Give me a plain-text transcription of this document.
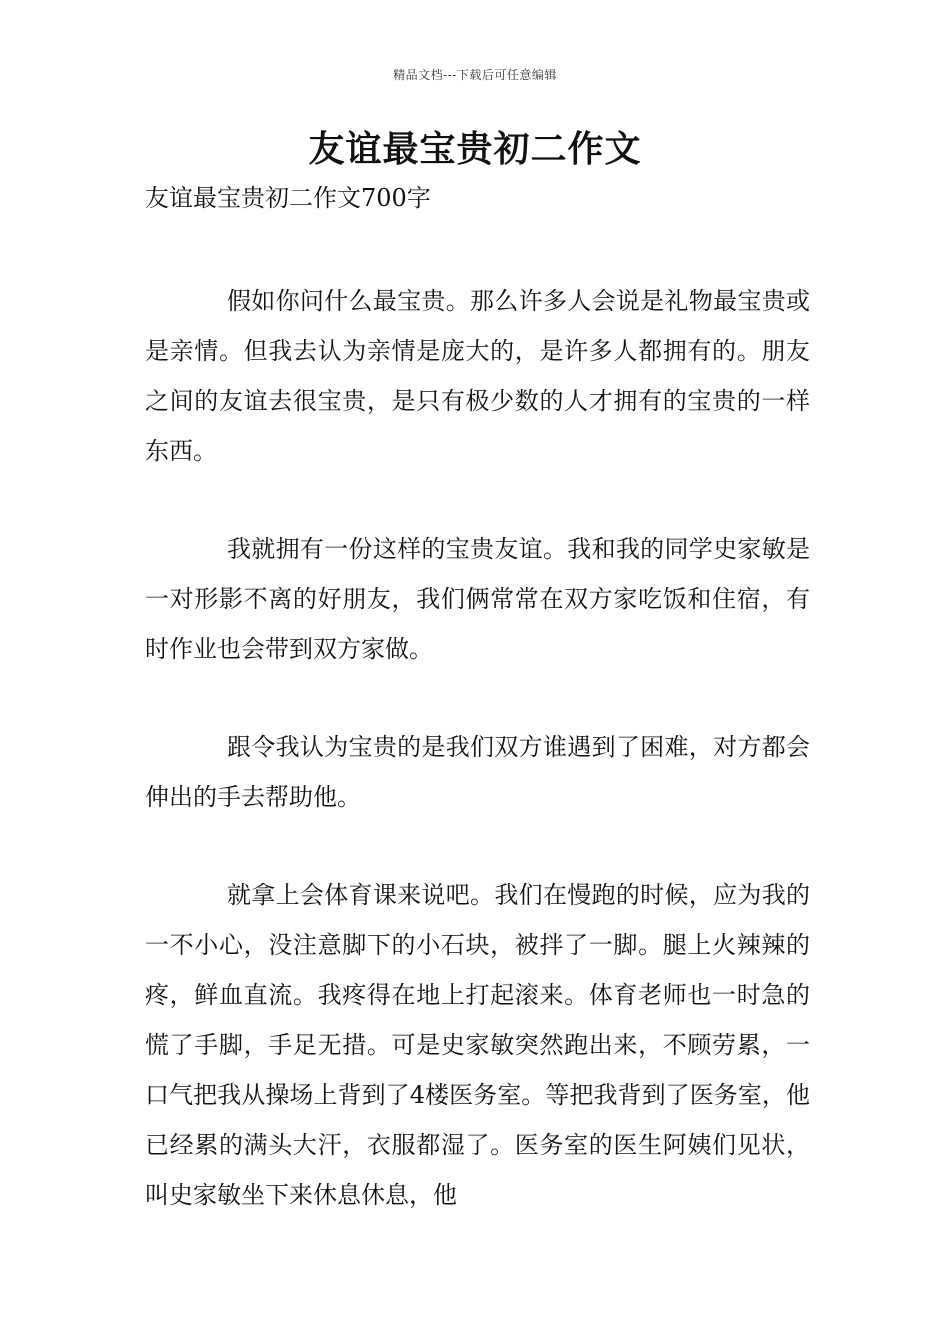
精品文档---下载后可任意编辑
友谊最宝贵初二作文

友谊最宝贵初二作文700字

假如你问什么最宝贵。那么许多人会说是礼物最宝贵或是亲情。但我去认为亲情是庞大的，是许多人都拥有的。朋友之间的友谊去很宝贵，是只有极少数的人才拥有的宝贵的一样东西。

我就拥有一份这样的宝贵友谊。我和我的同学史家敏是一对形影不离的好朋友，我们俩常常在双方家吃饭和住宿，有时作业也会带到双方家做。

跟令我认为宝贵的是我们双方谁遇到了困难，对方都会伸出的手去帮助他。

就拿上会体育课来说吧。我们在慢跑的时候，应为我的一不小心，没注意脚下的小石块，被拌了一脚。腿上火辣辣的疼，鲜血直流。我疼得在地上打起滚来。体育老师也一时急的慌了手脚，手足无措。可是史家敏突然跑出来，不顾劳累，一口气把我从操场上背到了4楼医务室。等把我背到了医务室，他已经累的满头大汗，衣服都湿了。医务室的医生阿姨们见状，叫史家敏坐下来休息休息，他
